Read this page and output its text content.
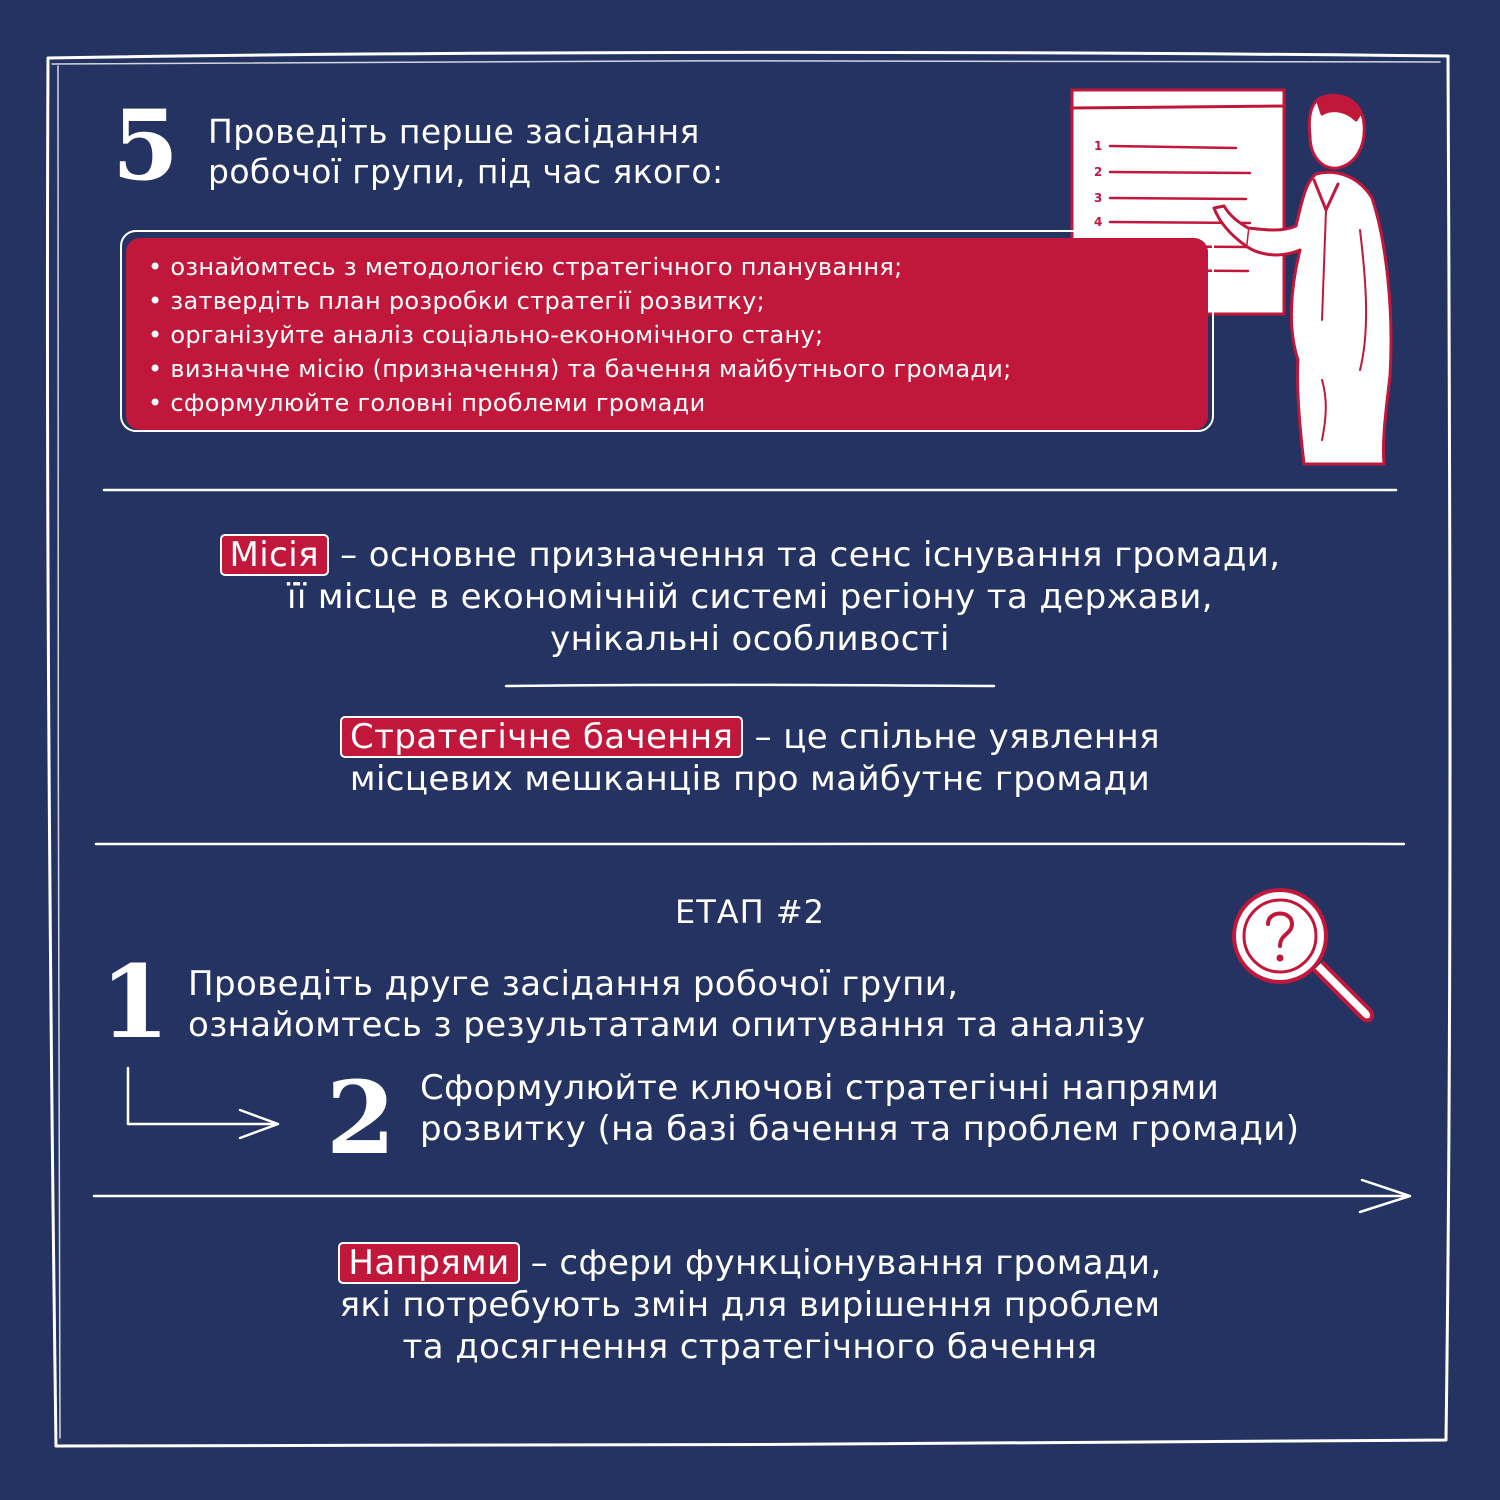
1
2
3
4
5 Проведіть перше засідання
робочої групи, під час якого:
• ознайомтесь з методологією стратегічного планування;
• затвердіть план розробки стратегії розвитку;
• організуйте аналіз соціально-економічного стану;
• визначне місію (призначення) та бачення майбутнього громади;
• сформулюйте головні проблеми громади
Місія – основне призначення та сенс існування громади,
її місце в економічній системі регіону та держави,
унікальні особливості
Стратегічне бачення – це спільне уявлення
місцевих мешканців про майбутнє громади
ЕТАП #2
1 Проведіть друге засідання робочої групи,
ознайомтесь з результатами опитування та аналізу
2 Сформулюйте ключові стратегічні напрями
розвитку (на базі бачення та проблем громади)
Напрями – сфери функціонування громади,
які потребують змін для вирішення проблем
та досягнення стратегічного бачення
